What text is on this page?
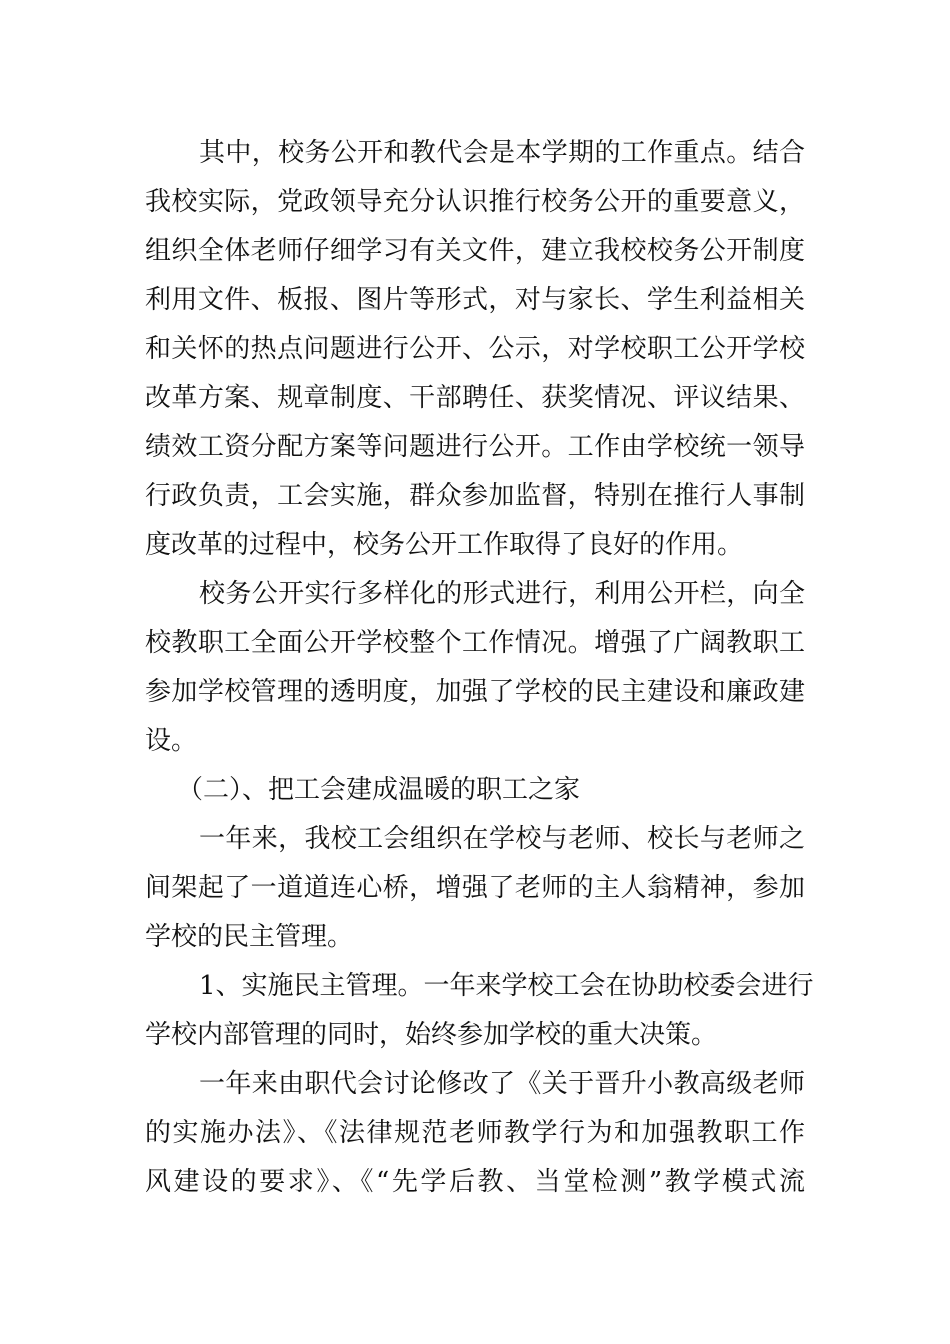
其中，校务公开和教代会是本学期的工作重点。结合
我校实际，党政领导充分认识推行校务公开的重要意义，
组织全体老师仔细学习有关文件，建立我校校务公开制度
利用文件、板报、图片等形式，对与家长、学生利益相关
和关怀的热点问题进行公开、公示，对学校职工公开学校
改革方案、规章制度、干部聘任、获奖情况、评议结果、
绩效工资分配方案等问题进行公开。工作由学校统一领导
行政负责，工会实施，群众参加监督，特别在推行人事制
度改革的过程中，校务公开工作取得了良好的作用。
校务公开实行多样化的形式进行，利用公开栏，向全
校教职工全面公开学校整个工作情况。增强了广阔教职工
参加学校管理的透明度，加强了学校的民主建设和廉政建
设。
（二）、把工会建成温暖的职工之家
一年来，我校工会组织在学校与老师、校长与老师之
间架起了一道道连心桥，增强了老师的主人翁精神，参加
学校的民主管理。
1、实施民主管理。一年来学校工会在协助校委会进行
学校内部管理的同时，始终参加学校的重大决策。
一年来由职代会讨论修改了《关于晋升小教高级老师
的实施办法》、《法律规范老师教学行为和加强教职工作
风建设的要求》、《“先学后教、当堂检测”教学模式流
